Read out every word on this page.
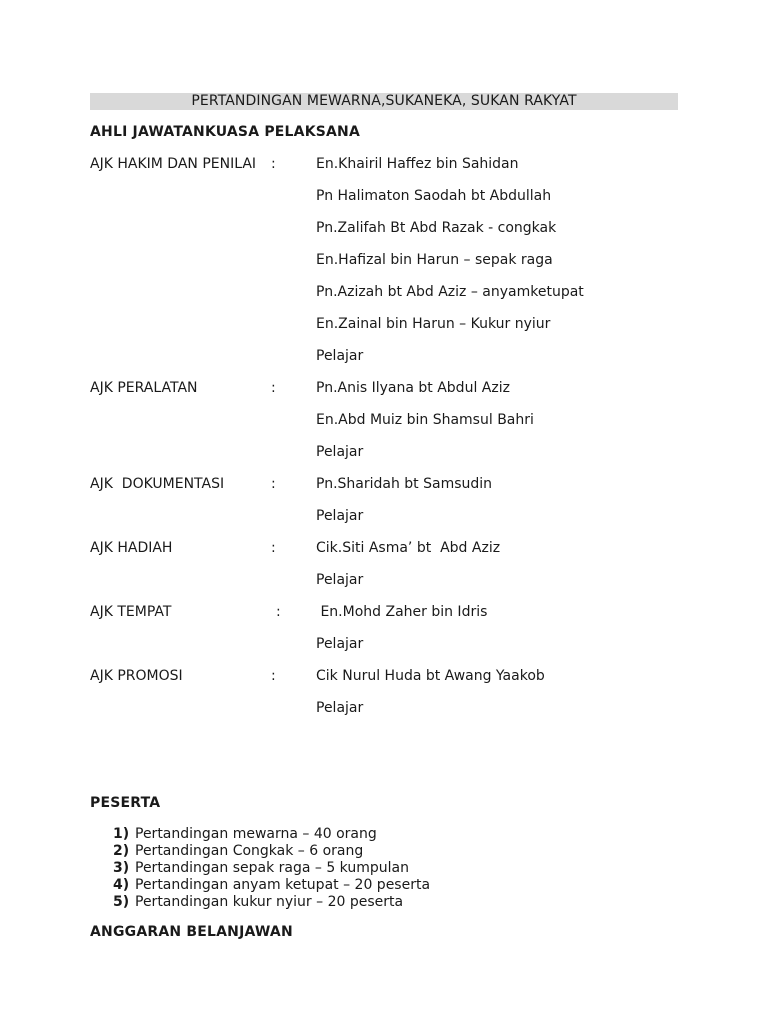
PERTANDINGAN MEWARNA,SUKANEKA, SUKAN RAKYAT
AHLI JAWATANKUASA PELAKSANA
AJK HAKIM DAN PENILAI :	En.Khairil Haffez bin Sahidan
Pn Halimaton Saodah bt Abdullah
Pn.Zalifah Bt Abd Razak - congkak
En.Hafizal bin Harun – sepak raga
Pn.Azizah bt Abd Aziz – anyamketupat
En.Zainal bin Harun – Kukur nyiur
Pelajar
AJK PERALATAN	:	Pn.Anis Ilyana bt Abdul Aziz
En.Abd Muiz bin Shamsul Bahri
Pelajar
AJK  DOKUMENTASI	:	Pn.Sharidah bt Samsudin
Pelajar
AJK HADIAH	:	Cik.Siti Asma’ bt  Abd Aziz
Pelajar
AJK TEMPAT	:	En.Mohd Zaher bin Idris
Pelajar
AJK PROMOSI	:	Cik Nurul Huda bt Awang Yaakob
Pelajar
PESERTA
1) Pertandingan mewarna – 40 orang
2) Pertandingan Congkak – 6 orang
3) Pertandingan sepak raga – 5 kumpulan
4) Pertandingan anyam ketupat – 20 peserta
5) Pertandingan kukur nyiur – 20 peserta
ANGGARAN BELANJAWAN
